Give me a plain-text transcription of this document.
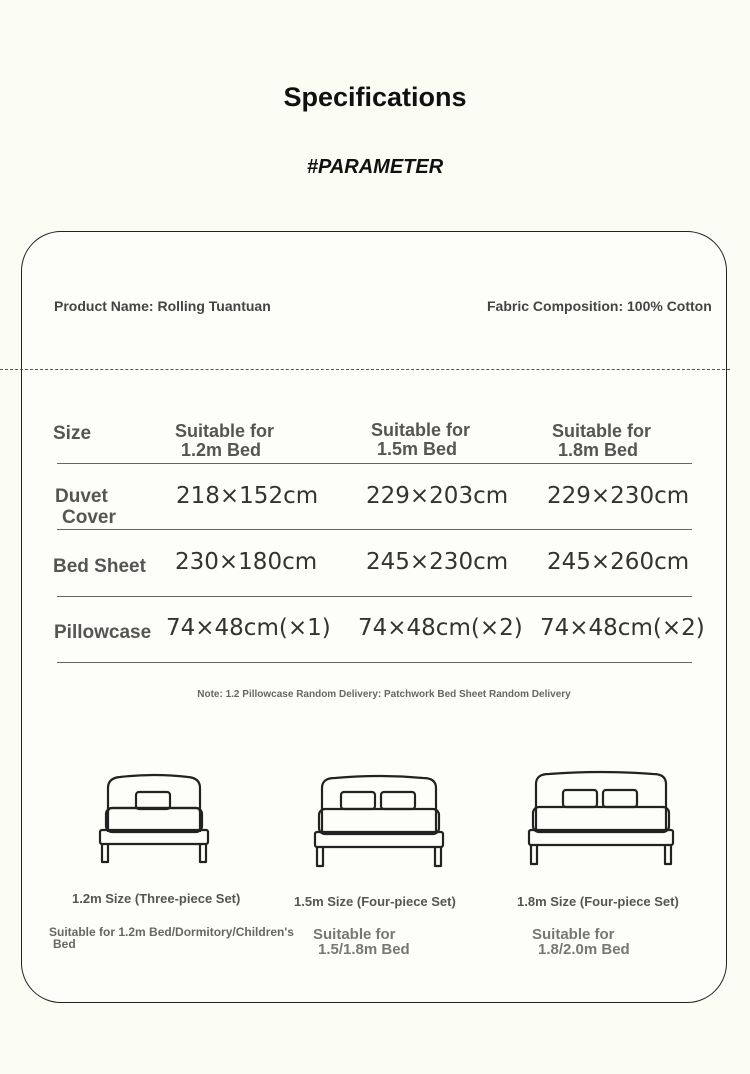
Specifications
#PARAMETER
Product Name: Rolling Tuantuan	Fabric Composition: 100% Cotton
Size	Suitable for
1.2m Bed
Suitable for
1.5m Bed
Suitable for
1.8m Bed
Duvet
Cover
218×152cm 229×203cm 229×230cm
Bed Sheet 230×180cm 245×230cm 245×260cm
Pillowcase 74×48cm(×1) 74×48cm(×2) 74×48cm(×2)
Note: 1.2 Pillowcase Random Delivery: Patchwork Bed Sheet Random Delivery
1.2m Size (Three-piece Set)
Suitable for 1.2m Bed/Dormitory/Children's
Bed
1.5m Size (Four-piece Set)
Suitable for
1.5/1.8m Bed
1.8m Size (Four-piece Set)
Suitable for
1.8/2.0m Bed
